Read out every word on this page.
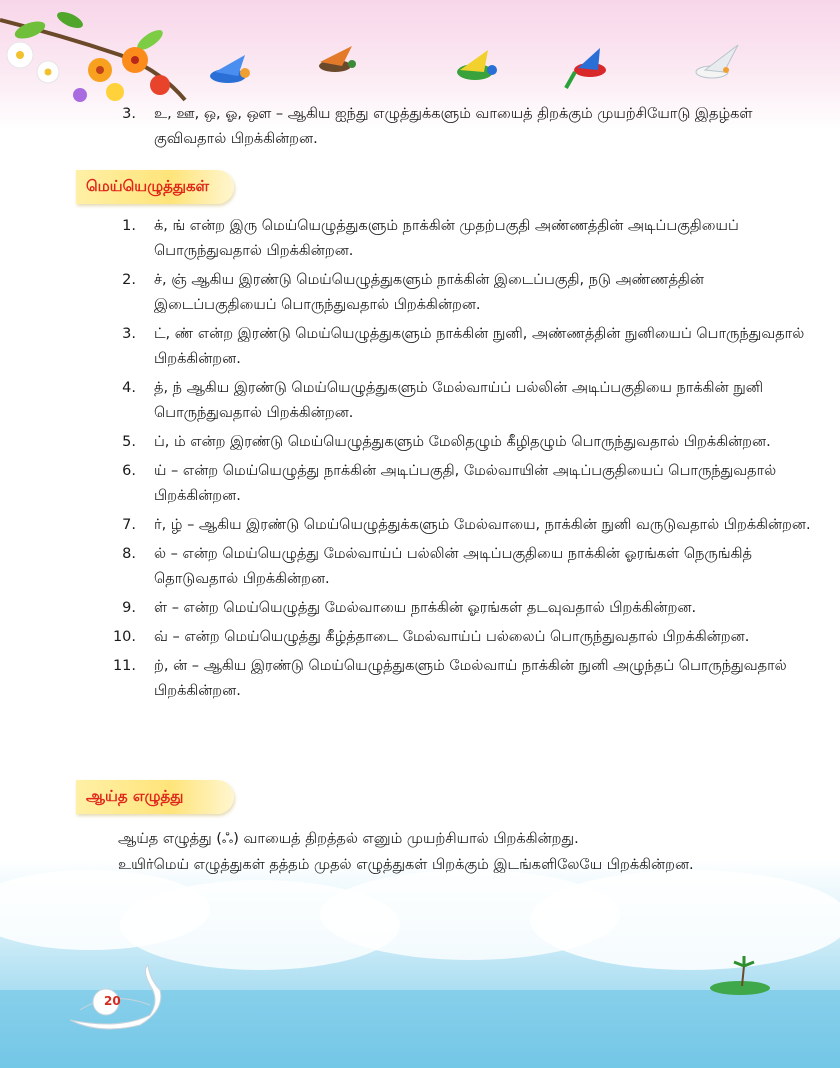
3.	உ, ஊ, ஒ, ஓ, ஔ – ஆகிய ஐந்து எழுத்துக்களும் வாயைத் திறக்கும் முயற்சியோடு இதழ்கள் குவிவதால் பிறக்கின்றன.
மெய்யெழுத்துகள்
1.	க், ங் என்ற இரு மெய்யெழுத்துகளும் நாக்கின் முதற்பகுதி அண்ணத்தின் அடிப்பகுதியைப் பொருந்துவதால் பிறக்கின்றன.
2.	ச், ஞ் ஆகிய இரண்டு மெய்யெழுத்துகளும் நாக்கின் இடைப்பகுதி, நடு அண்ணத்தின் இடைப்பகுதியைப் பொருந்துவதால் பிறக்கின்றன.
3.	ட், ண் என்ற இரண்டு மெய்யெழுத்துகளும் நாக்கின் நுனி, அண்ணத்தின் நுனியைப் பொருந்துவதால் பிறக்கின்றன.
4.	த், ந் ஆகிய இரண்டு மெய்யெழுத்துகளும் மேல்வாய்ப் பல்லின் அடிப்பகுதியை நாக்கின் நுனி பொருந்துவதால் பிறக்கின்றன.
5.	ப், ம் என்ற இரண்டு மெய்யெழுத்துகளும் மேலிதழும் கீழிதழும் பொருந்துவதால் பிறக்கின்றன.
6.	ய் – என்ற மெய்யெழுத்து நாக்கின் அடிப்பகுதி, மேல்வாயின் அடிப்பகுதியைப் பொருந்துவதால் பிறக்கின்றன.
7.	ர், ழ் – ஆகிய இரண்டு மெய்யெழுத்துக்களும் மேல்வாயை, நாக்கின் நுனி வருடுவதால் பிறக்கின்றன.
8.	ல் – என்ற மெய்யெழுத்து மேல்வாய்ப் பல்லின் அடிப்பகுதியை நாக்கின் ஓரங்கள் நெருங்கித் தொடுவதால் பிறக்கின்றன.
9.	ள் – என்ற மெய்யெழுத்து மேல்வாயை நாக்கின் ஓரங்கள் தடவுவதால் பிறக்கின்றன.
10.	வ் – என்ற மெய்யெழுத்து கீழ்த்தாடை மேல்வாய்ப் பல்லைப் பொருந்துவதால் பிறக்கின்றன.
11.	ற், ன் – ஆகிய இரண்டு மெய்யெழுத்துகளும் மேல்வாய் நாக்கின் நுனி அழுந்தப் பொருந்துவதால் பிறக்கின்றன.
ஆய்த எழுத்து
ஆய்த எழுத்து (ஃ) வாயைத் திறத்தல் எனும் முயற்சியால் பிறக்கின்றது.
உயிர்மெய் எழுத்துகள் தத்தம் முதல் எழுத்துகள் பிறக்கும் இடங்களிலேயே பிறக்கின்றன.
20
